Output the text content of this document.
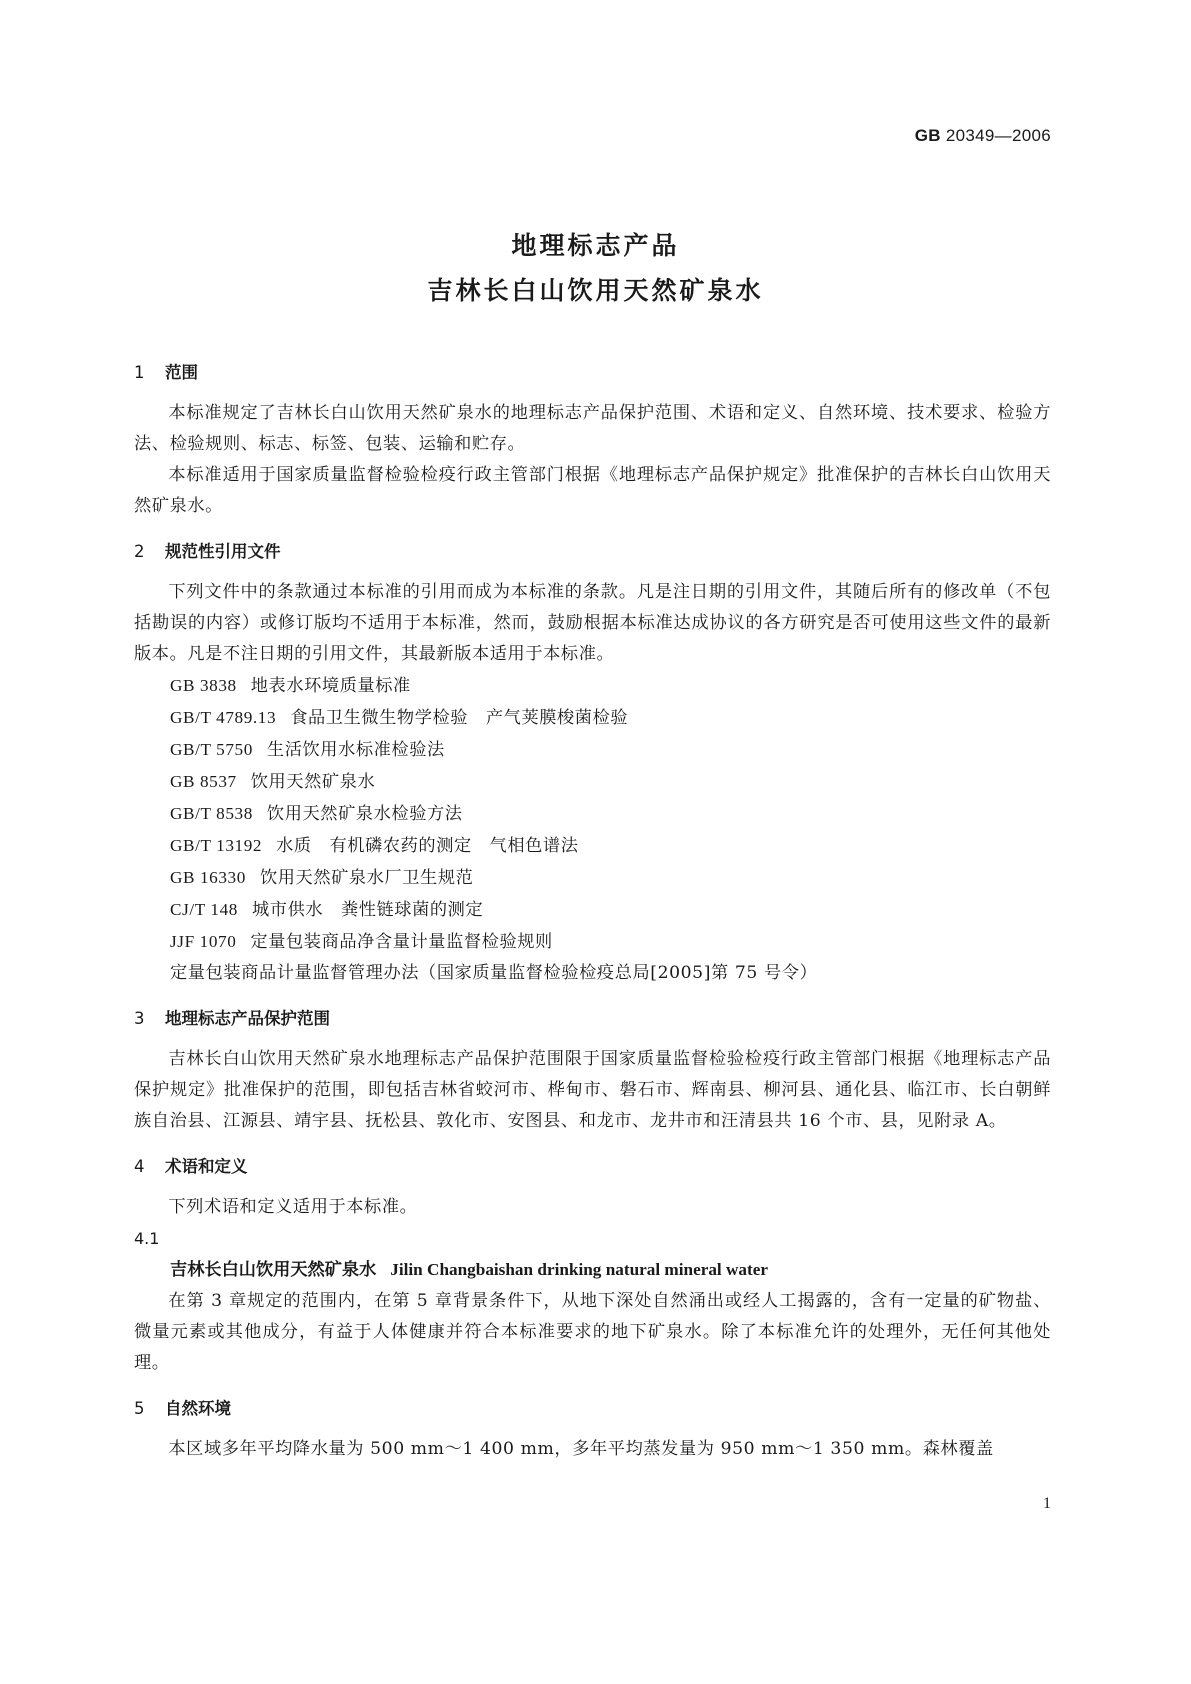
GB 20349—2006
地理标志产品
吉林长白山饮用天然矿泉水
1 范围

本标准规定了吉林长白山饮用天然矿泉水的地理标志产品保护范围、术语和定义、自然环境、技术要求、检验方法、检验规则、标志、标签、包装、运输和贮存。

本标准适用于国家质量监督检验检疫行政主管部门根据《地理标志产品保护规定》批准保护的吉林长白山饮用天然矿泉水。

2 规范性引用文件

下列文件中的条款通过本标准的引用而成为本标准的条款。凡是注日期的引用文件，其随后所有的修改单（不包括勘误的内容）或修订版均不适用于本标准，然而，鼓励根据本标准达成协议的各方研究是否可使用这些文件的最新版本。凡是不注日期的引用文件，其最新版本适用于本标准。

GB 3838 地表水环境质量标准
GB/T 4789.13 食品卫生微生物学检验　产气荚膜梭菌检验
GB/T 5750 生活饮用水标准检验法
GB 8537 饮用天然矿泉水
GB/T 8538 饮用天然矿泉水检验方法
GB/T 13192 水质　有机磷农药的测定　气相色谱法
GB 16330 饮用天然矿泉水厂卫生规范
CJ/T 148 城市供水　粪性链球菌的测定
JJF 1070 定量包装商品净含量计量监督检验规则
定量包装商品计量监督管理办法（国家质量监督检验检疫总局[2005]第 75 号令）
3 地理标志产品保护范围

吉林长白山饮用天然矿泉水地理标志产品保护范围限于国家质量监督检验检疫行政主管部门根据《地理标志产品保护规定》批准保护的范围，即包括吉林省蛟河市、桦甸市、磐石市、辉南县、柳河县、通化县、临江市、长白朝鲜族自治县、江源县、靖宇县、抚松县、敦化市、安图县、和龙市、龙井市和汪清县共 16 个市、县，见附录 A。

4 术语和定义

下列术语和定义适用于本标准。

4.1
吉林长白山饮用天然矿泉水 Jilin Changbaishan drinking natural mineral water

在第 3 章规定的范围内，在第 5 章背景条件下，从地下深处自然涌出或经人工揭露的，含有一定量的矿物盐、微量元素或其他成分，有益于人体健康并符合本标准要求的地下矿泉水。除了本标准允许的处理外，无任何其他处理。

5 自然环境

本区域多年平均降水量为 500 mm～1 400 mm，多年平均蒸发量为 950 mm～1 350 mm。森林覆盖

1
